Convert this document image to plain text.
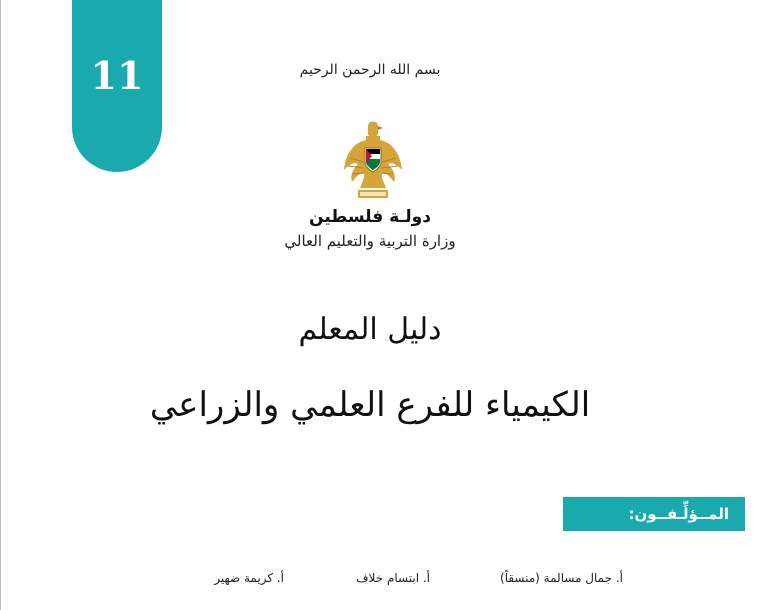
11	بسم الله الرحمن الرحيم
دولـة فلسطين
وزارة التربية والتعليم العالي
دليل المعلم
الكيمياء للفرع العلمي والزراعي
المــؤلِّـفــون:
أ. جمال مسالمة (منسقاً)
أ. ابتسام خلاف
أ. كريمة ضهير
